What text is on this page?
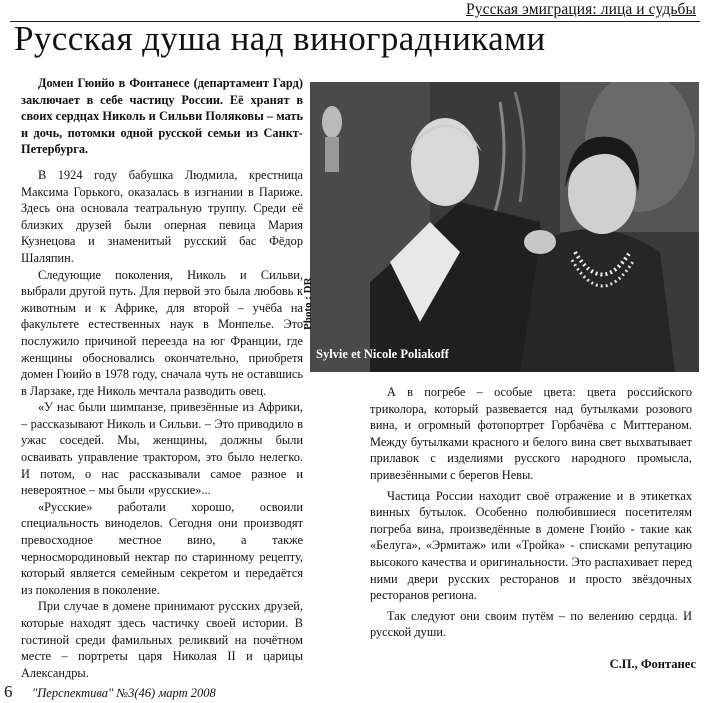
Русская эмиграция: лица и судьбы
Русская душа над виноградниками

Домен Гюийо в Фонтанесе (департамент Гард) заключает в себе частицу России. Её хранят в своих сердцах Николь и Сильви Поляковы – мать и дочь, потомки одной русской семьи из Санкт-Петербурга.

В 1924 году бабушка Людмила, крестница Максима Горького, оказалась в изгнании в Париже. Здесь она основала театральную труппу. Среди её близких друзей были оперная певица Мария Кузнецова и знаменитый русский бас Фёдор Шаляпин.

Следующие поколения, Николь и Сильви, выбрали другой путь. Для первой это была любовь к животным и к Африке, для второй – учёба на факультете естественных наук в Монпелье. Это послужило причиной переезда на юг Франции, где женщины обосновались окончательно, приобретя домен Гюийо в 1978 году, сначала чуть не оставшись в Ларзаке, где Николь мечтала разводить овец.

«У нас были шимпанзе, привезённые из Африки, – рассказывают Николь и Сильви. – Это приводило в ужас соседей. Мы, женщины, должны были осваивать управление трактором, это было нелегко. И потом, о нас рассказывали самое разное и невероятное – мы были «русские»...

«Русские» работали хорошо, освоили специальность виноделов. Сегодня они производят превосходное местное вино, а также черносмородиновый нектар по старинному рецепту, который является семейным секретом и передаётся из поколения в поколение.

При случае в домене принимают русских друзей, которые находят здесь частичку своей истории. В гостиной среди фамильных реликвий на почётном месте – портреты царя Николая II и царицы Александры.

Sylvie et Nicole Poliakoff
Photo : DR

А в погребе – особые цвета: цвета российского триколора, который развевается над бутылками розового вина, и огромный фотопортрет Горбачёва с Миттераном. Между бутылками красного и белого вина свет выхватывает прилавок с изделиями русского народного промысла, привезёнными с берегов Невы.

Частица России находит своё отражение и в этикетках винных бутылок. Особенно полюбившиеся посетителям погреба вина, произведённые в домене Гюийо - такие как «Белуга», «Эрмитаж» или «Тройка» - списками репутацию высокого качества и оригинальности. Это распахивает перед ними двери русских ресторанов и просто звёздочных ресторанов региона.

Так следуют они своим путём – по велению сердца. И русской души.

С.П., Фонтанес
6 "Перспектива" №3(46) март 2008
